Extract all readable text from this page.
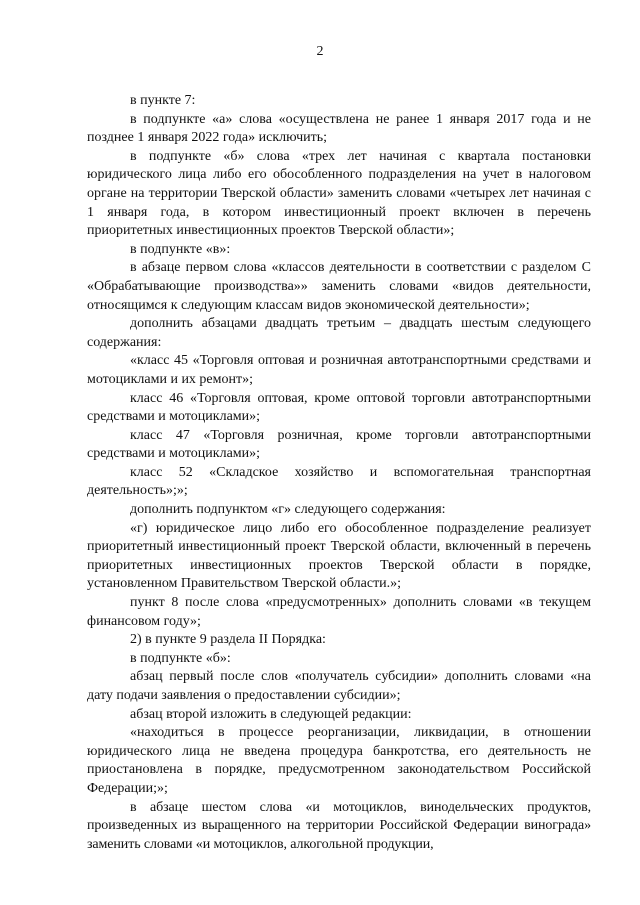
2

в пункте 7:

в подпункте «а» слова «осуществлена не ранее 1 января 2017 года и не позднее 1 января 2022 года» исключить;

в подпункте «б» слова «трех лет начиная с квартала постановки юридического лица либо его обособленного подразделения на учет в налоговом органе на территории Тверской области» заменить словами «четырех лет начиная с 1 января года, в котором инвестиционный проект включен в перечень приоритетных инвестиционных проектов Тверской области»;

в подпункте «в»:

в абзаце первом слова «классов деятельности в соответствии с разделом С «Обрабатывающие производства»» заменить словами «видов деятельности, относящимся к следующим классам видов экономической деятельности»;

дополнить абзацами двадцать третьим – двадцать шестым следующего содержания:

«класс 45 «Торговля оптовая и розничная автотранспортными средствами и мотоциклами и их ремонт»;

класс 46 «Торговля оптовая, кроме оптовой торговли автотранспортными средствами и мотоциклами»;

класс 47 «Торговля розничная, кроме торговли автотранспортными средствами и мотоциклами»;

класс 52 «Складское хозяйство и вспомогательная транспортная деятельность»;»;

дополнить подпунктом «г» следующего содержания:

«г) юридическое лицо либо его обособленное подразделение реализует приоритетный инвестиционный проект Тверской области, включенный в перечень приоритетных инвестиционных проектов Тверской области в порядке, установленном Правительством Тверской области.»;

пункт 8 после слова «предусмотренных» дополнить словами «в текущем финансовом году»;

2) в пункте 9 раздела II Порядка:

в подпункте «б»:

абзац первый после слов «получатель субсидии» дополнить словами «на дату подачи заявления о предоставлении субсидии»;

абзац второй изложить в следующей редакции:

«находиться в процессе реорганизации, ликвидации, в отношении юридического лица не введена процедура банкротства, его деятельность не приостановлена в порядке, предусмотренном законодательством Российской Федерации;»;

в абзаце шестом слова «и мотоциклов, винодельческих продуктов, произведенных из выращенного на территории Российской Федерации винограда» заменить словами «и мотоциклов, алкогольной продукции,
